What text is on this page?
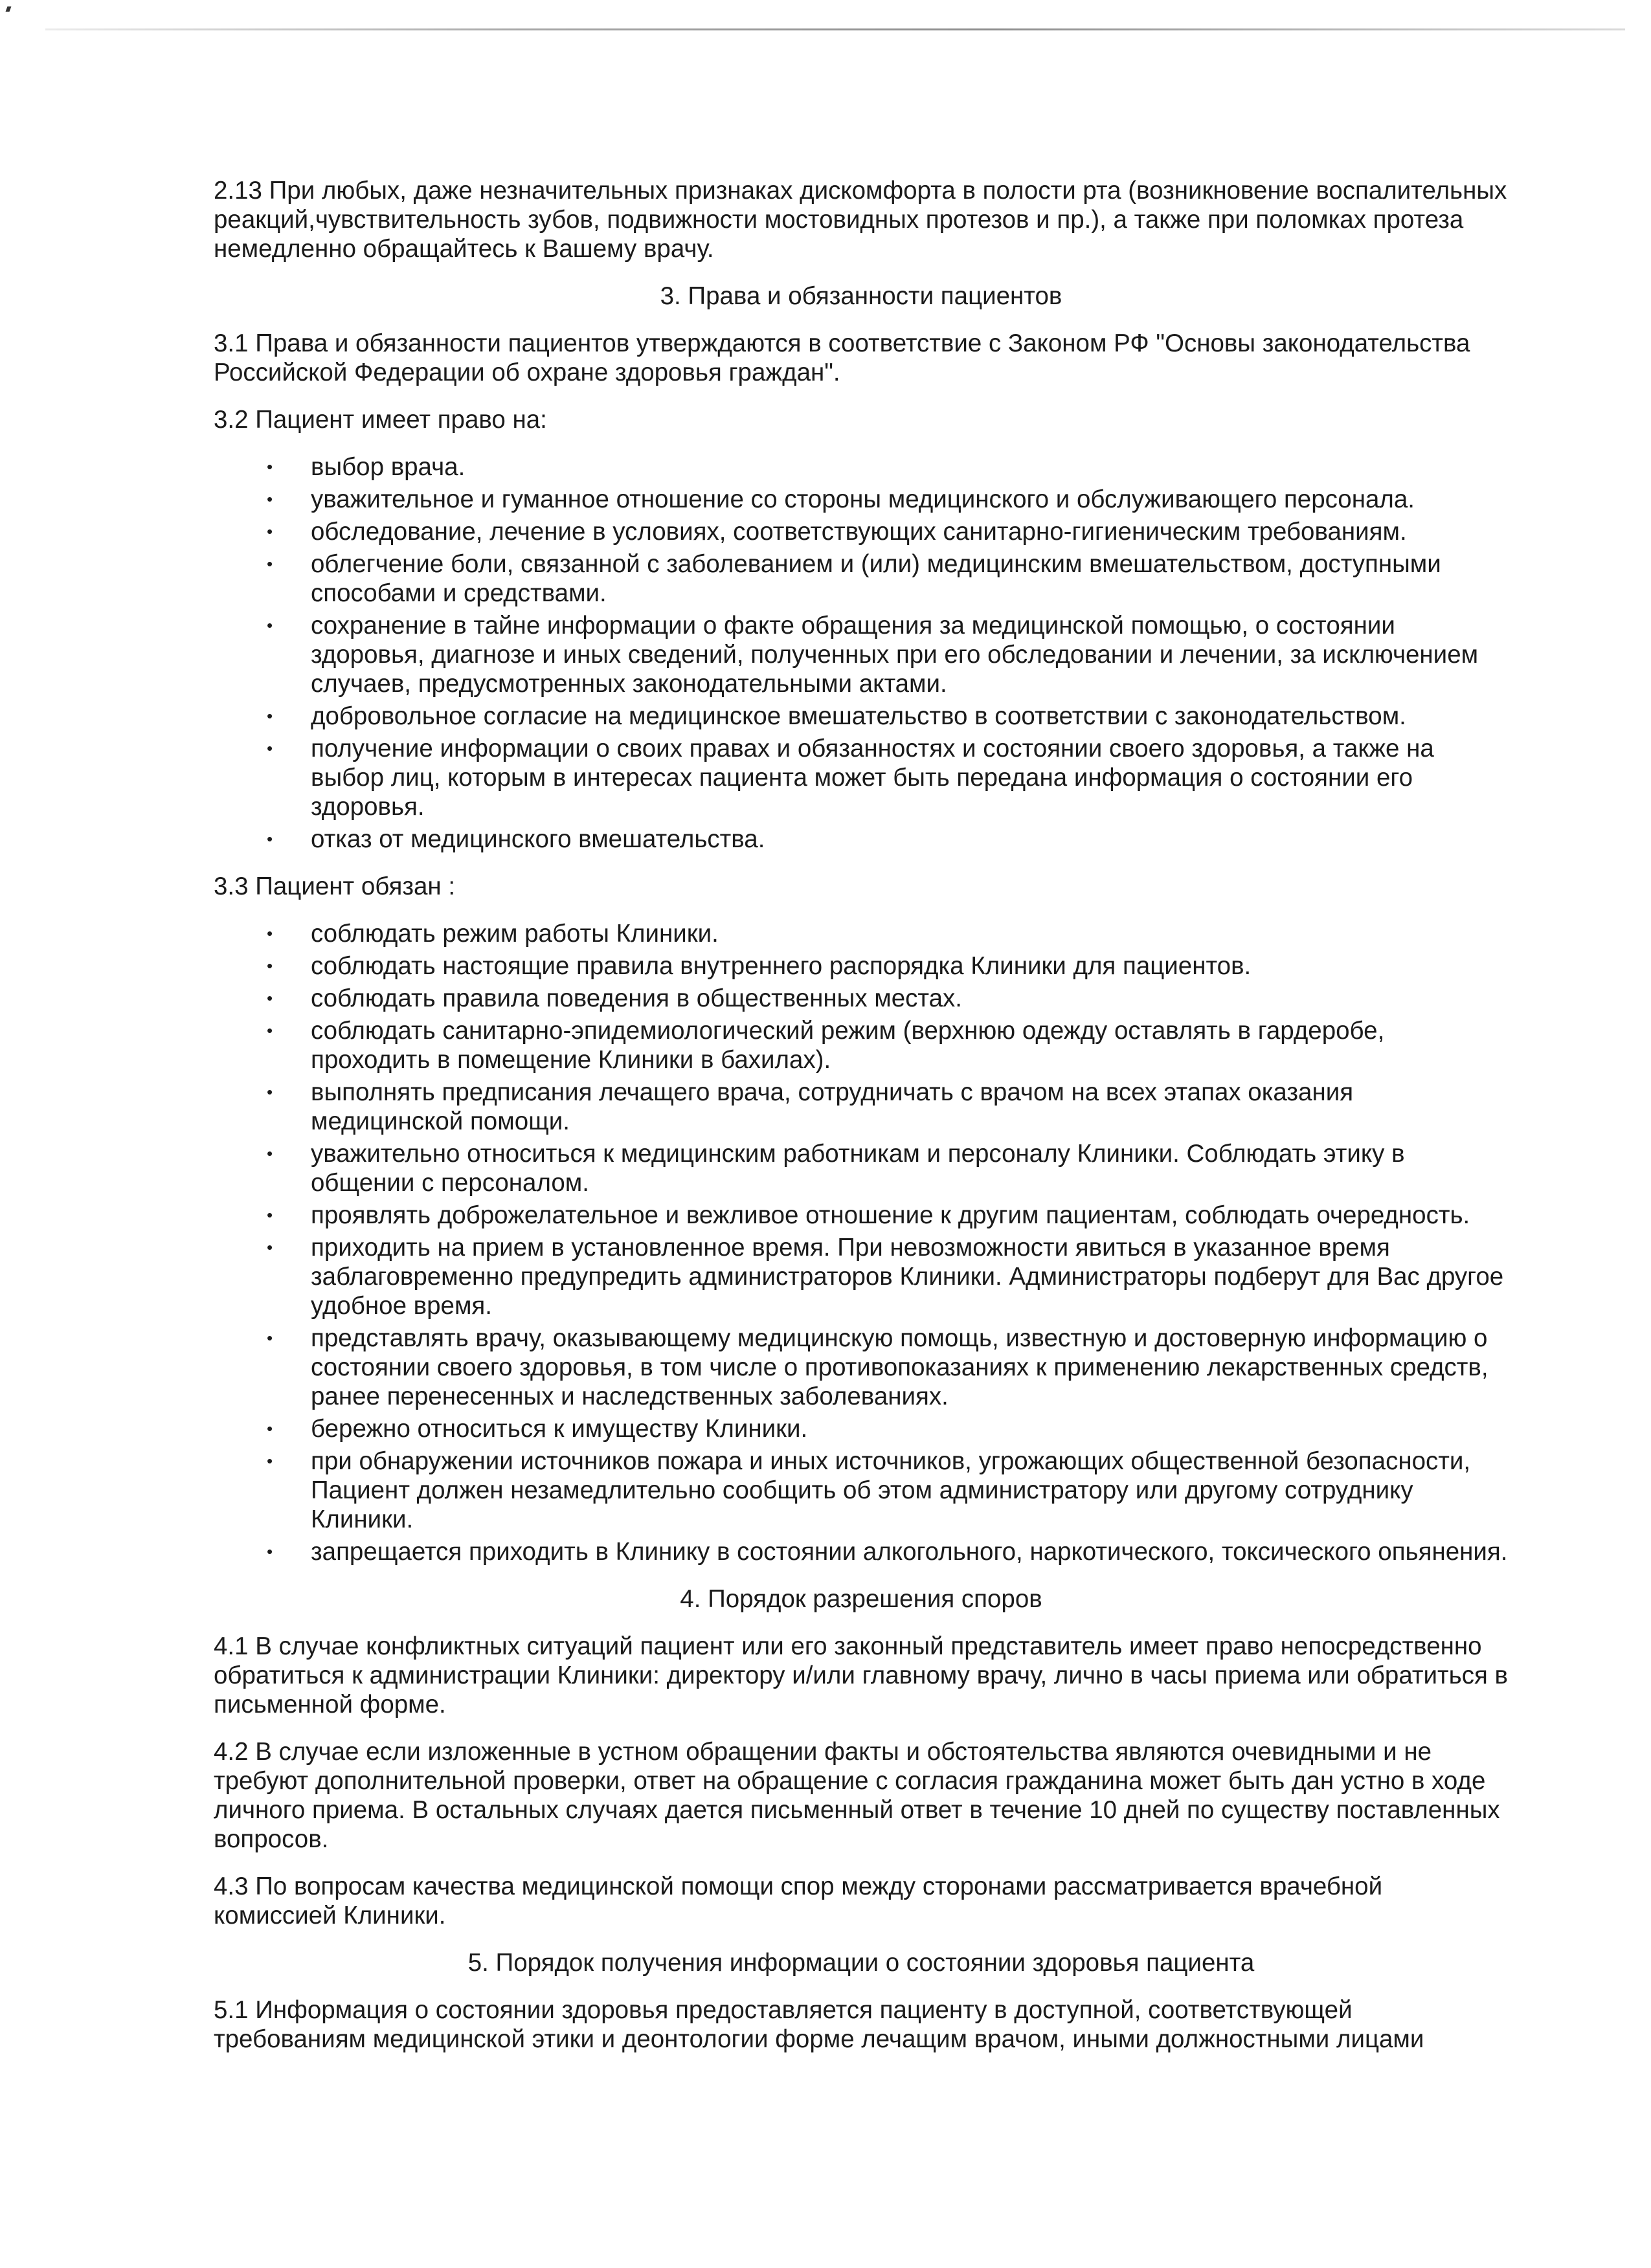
2.13 При любых, даже незначительных признаках дискомфорта в полости рта (возникновение воспалительных реакций,чувствительность зубов, подвижности мостовидных протезов и пр.), а также при поломках протеза немедленно обращайтесь к Вашему врачу.

3. Права и обязанности пациентов

3.1 Права и обязанности пациентов утверждаются в соответствие с Законом РФ "Основы законодательства Российской Федерации об охране здоровья граждан".

3.2 Пациент имеет право на:

• выбор врача.
• уважительное и гуманное отношение со стороны медицинского и обслуживающего персонала.
• обследование, лечение в условиях, соответствующих санитарно-гигиеническим требованиям.
• облегчение боли, связанной с заболеванием и (или) медицинским вмешательством, доступными способами и средствами.
• сохранение в тайне информации о факте обращения за медицинской помощью, о состоянии здоровья, диагнозе и иных сведений, полученных при его обследовании и лечении, за исключением случаев, предусмотренных законодательными актами.
• добровольное согласие на медицинское вмешательство в соответствии с законодательством.
• получение информации о своих правах и обязанностях и состоянии своего здоровья, а также на выбор лиц, которым в интересах пациента может быть передана информация о состоянии его здоровья.
• отказ от медицинского вмешательства.

3.3 Пациент обязан :

• соблюдать режим работы Клиники.
• соблюдать настоящие правила внутреннего распорядка Клиники для пациентов.
• соблюдать правила поведения в общественных местах.
• соблюдать санитарно-эпидемиологический режим (верхнюю одежду оставлять в гардеробе, проходить в помещение Клиники в бахилах).
• выполнять предписания лечащего врача, сотрудничать с врачом на всех этапах оказания медицинской помощи.
• уважительно относиться к медицинским работникам и персоналу Клиники. Соблюдать этику в общении с персоналом.
• проявлять доброжелательное и вежливое отношение к другим пациентам, соблюдать очередность.
• приходить на прием в установленное время. При невозможности явиться в указанное время заблаговременно предупредить администраторов Клиники. Администраторы подберут для Вас другое удобное время.
• представлять врачу, оказывающему медицинскую помощь, известную и достоверную информацию о состоянии своего здоровья, в том числе о противопоказаниях к применению лекарственных средств, ранее перенесенных и наследственных заболеваниях.
• бережно относиться к имуществу Клиники.
• при обнаружении источников пожара и иных источников, угрожающих общественной безопасности, Пациент должен незамедлительно сообщить об этом администратору или другому сотруднику Клиники.
• запрещается приходить в Клинику в состоянии алкогольного, наркотического, токсического опьянения.

4. Порядок разрешения споров

4.1 В случае конфликтных ситуаций пациент или его законный представитель имеет право непосредственно обратиться к администрации Клиники: директору и/или главному врачу, лично в часы приема или обратиться в письменной форме.

4.2 В случае если изложенные в устном обращении факты и обстоятельства являются очевидными и не требуют дополнительной проверки, ответ на обращение с согласия гражданина может быть дан устно в ходе личного приема. В остальных случаях дается письменный ответ в течение 10 дней по существу поставленных вопросов.

4.3 По вопросам качества медицинской помощи спор между сторонами рассматривается врачебной комиссией Клиники.

5. Порядок получения информации о состоянии здоровья пациента

5.1 Информация о состоянии здоровья предоставляется пациенту в доступной, соответствующей требованиям медицинской этики и деонтологии форме лечащим врачом, иными должностными лицами
